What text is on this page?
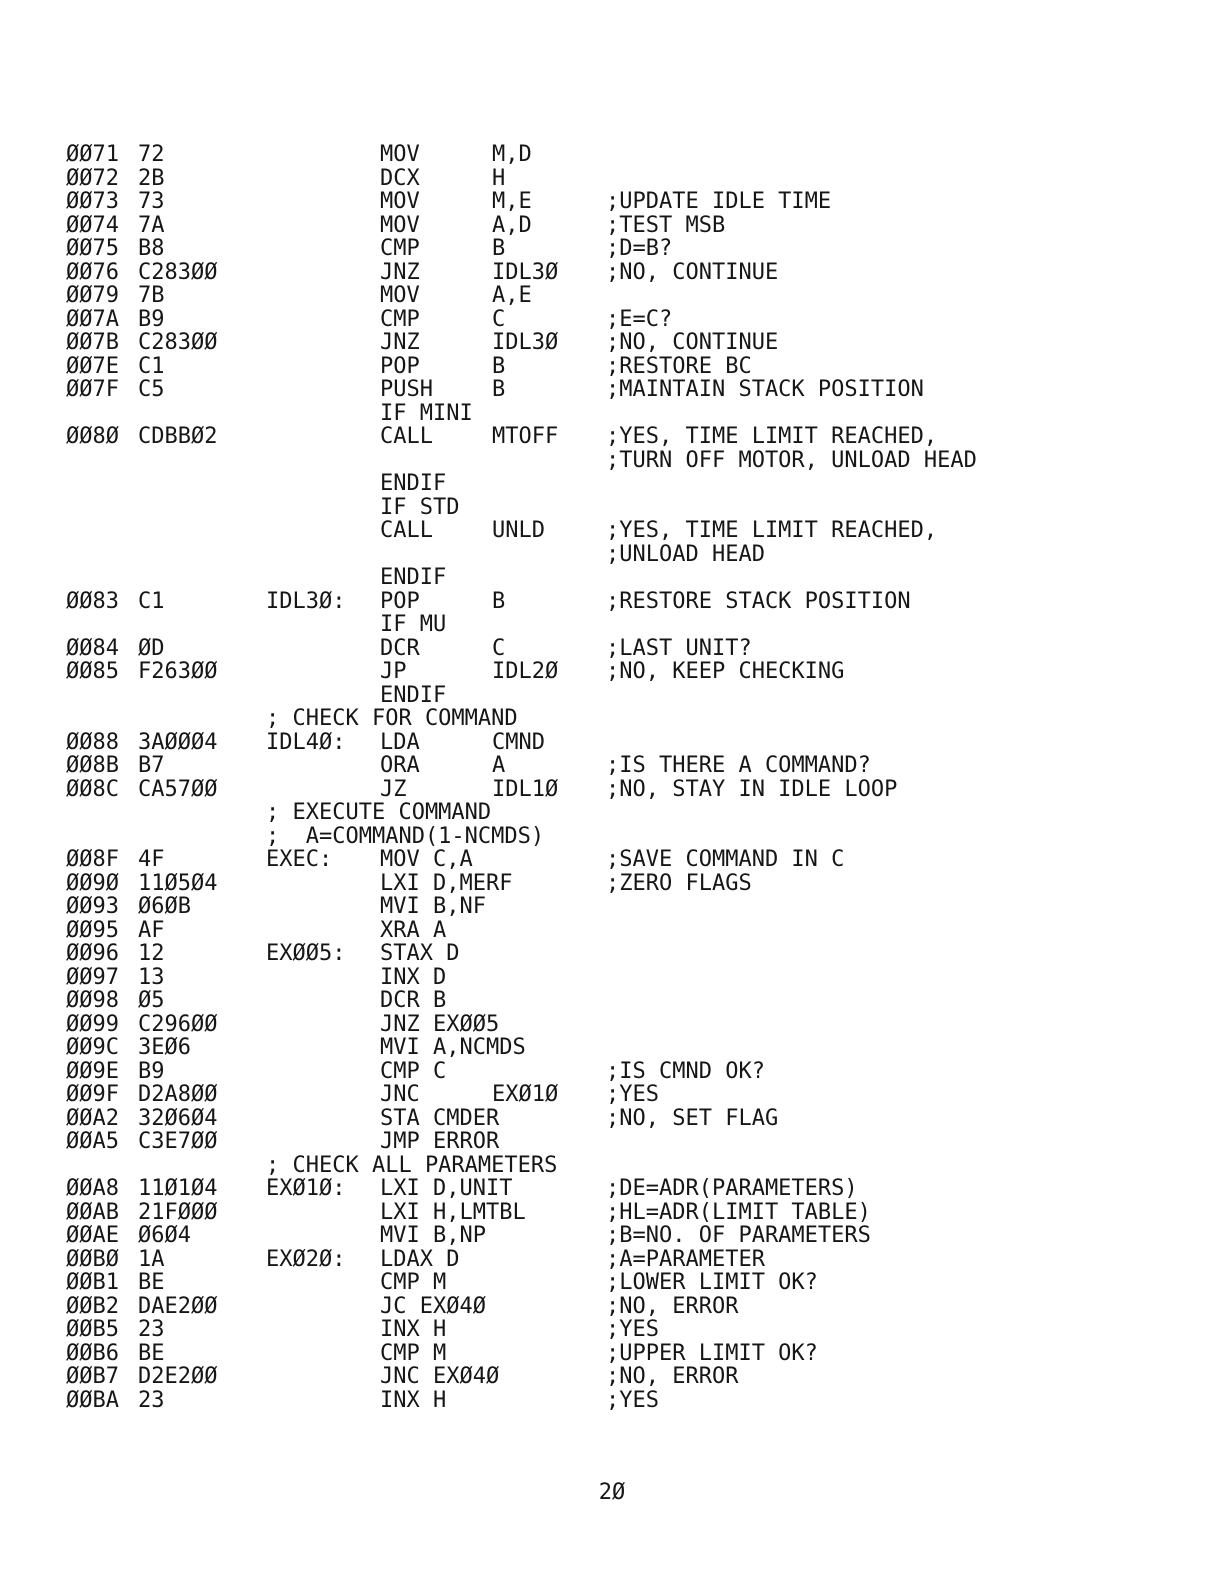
ØØ71 72	MOV	M,D
ØØ72 2B	DCX	H
ØØ73 73	MOV	M,E	;UPDATE IDLE TIME
ØØ74 7A	MOV	A,D	;TEST MSB
ØØ75 B8	CMP	B	;D=B?
ØØ76 C283ØØ	JNZ	IDL3Ø ;NO, CONTINUE
ØØ79 7B	MOV	A,E
ØØ7A B9	CMP	C	;E=C?
ØØ7B C283ØØ	JNZ	IDL3Ø ;NO, CONTINUE
ØØ7E C1	POP	B	;RESTORE BC
ØØ7F C5	PUSH	B	;MAINTAIN STACK POSITION
IF MINI
ØØ8Ø CDBBØ2	CALL	MTOFF ;YES, TIME LIMIT REACHED,
;TURN OFF MOTOR, UNLOAD HEAD
ENDIF
IF STD
CALL	UNLD	;YES, TIME LIMIT REACHED,
;UNLOAD HEAD
ENDIF
ØØ83 C1	IDL3Ø: POP	B	;RESTORE STACK POSITION
IF MU
ØØ84 ØD	DCR	C	;LAST UNIT?
ØØ85 F263ØØ	JP	IDL2Ø ;NO, KEEP CHECKING
ENDIF
; CHECK FOR COMMAND
ØØ88 3AØØØ4 IDL4Ø: LDA	CMND
ØØ8B B7	ORA	A	;IS THERE A COMMAND?
ØØ8C CA57ØØ	JZ	IDL1Ø ;NO, STAY IN IDLE LOOP
; EXECUTE COMMAND
;  A=COMMAND(1-NCMDS)
ØØ8F 4F	EXEC: MOV C,A	;SAVE COMMAND IN C
ØØ9Ø 11Ø5Ø4	LXI D,MERF	;ZERO FLAGS
ØØ93 Ø6ØB	MVI B,NF
ØØ95 AF	XRA A
ØØ96 12	EXØØ5: STAX D
ØØ97 13	INX D
ØØ98 Ø5	DCR B
ØØ99 C296ØØ	JNZ EXØØ5
ØØ9C 3EØ6	MVI A,NCMDS
ØØ9E B9	CMP C	;IS CMND OK?
ØØ9F D2A8ØØ	JNC	EXØ1Ø ;YES
ØØA2 32Ø6Ø4	STA CMDER	;NO, SET FLAG
ØØA5 C3E7ØØ	JMP ERROR
; CHECK ALL PARAMETERS
ØØA8 11Ø1Ø4 EXØ1Ø: LXI D,UNIT	;DE=ADR(PARAMETERS)
ØØAB 21FØØØ	LXI H,LMTBL	;HL=ADR(LIMIT TABLE)
ØØAE Ø6Ø4	MVI B,NP	;B=NO. OF PARAMETERS
ØØBØ 1A	EXØ2Ø: LDAX D	;A=PARAMETER
ØØB1 BE	CMP M	;LOWER LIMIT OK?
ØØB2 DAE2ØØ	JC EXØ4Ø	;NO, ERROR
ØØB5 23	INX H	;YES
ØØB6 BE	CMP M	;UPPER LIMIT OK?
ØØB7 D2E2ØØ	JNC EXØ4Ø	;NO, ERROR
ØØBA 23	INX H	;YES
2Ø
